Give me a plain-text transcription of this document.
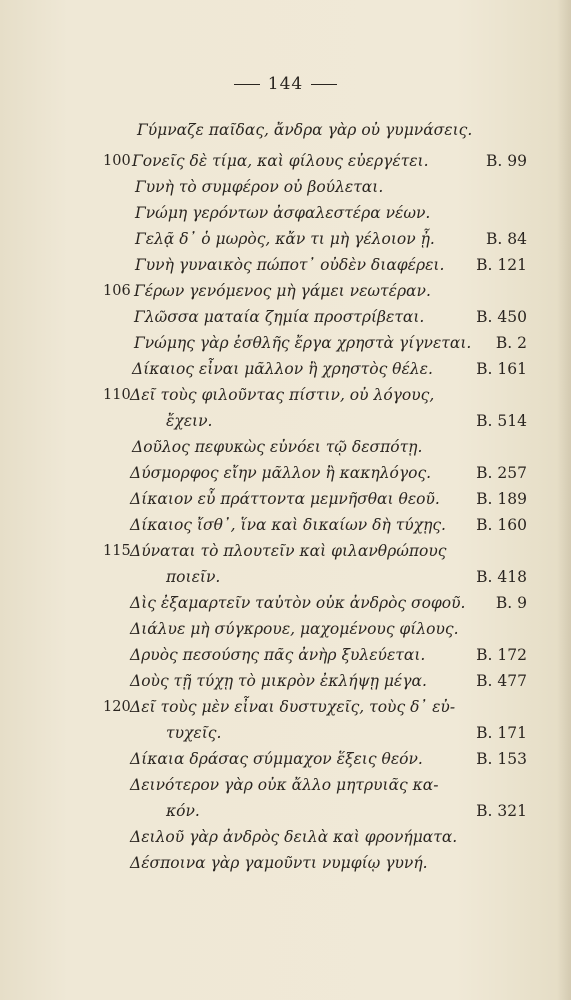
144
Γύμναζε παῖδας, ἄνδρα γὰρ οὐ γυμνάσεις.
100 Γονεῖς δὲ τίμα, καὶ φίλους εὐεργέτει.	B. 99
Γυνὴ τὸ συμφέρον οὐ βούλεται.
Γνώμη γερόντων ἀσφαλεστέρα νέων.
Γελᾷ δ᾽ ὁ μωρὸς, κἄν τι μὴ γέλοιον ᾖ.	B. 84
Γυνὴ γυναικὸς πώποτ᾽ οὐδὲν διαφέρει. B. 121
106 Γέρων γενόμενος μὴ γάμει νεωτέραν.
Γλῶσσα ματαία ζημία προστρίβεται.	B. 450
Γνώμης γὰρ ἐσθλῆς ἔργα χρηστὰ γίγνεται. B. 2
Δίκαιος εἶναι μᾶλλον ἢ χρηστὸς θέλε.	B. 161
110 Δεῖ τοὺς φιλοῦντας πίστιν, οὐ λόγους,
ἔχειν.	B. 514
Δοῦλος πεφυκὼς εὐνόει τῷ δεσπότῃ.
Δύσμορφος εἴην μᾶλλον ἢ κακηλόγος.	B. 257
Δίκαιον εὖ πράττοντα μεμνῆσθαι θεοῦ. B. 189
Δίκαιος ἴσθ᾽, ἵνα καὶ δικαίων δὴ τύχῃς. B. 160
115 Δύναται τὸ πλουτεῖν καὶ φιλανθρώπους
ποιεῖν.	B. 418
Δὶς ἐξαμαρτεῖν ταὐτὸν οὐκ ἀνδρὸς σοφοῦ. B. 9
Διάλυε μὴ σύγκρουε, μαχομένους φίλους.
Δρυὸς πεσούσης πᾶς ἀνὴρ ξυλεύεται.	B. 172
Δοὺς τῇ τύχῃ τὸ μικρὸν ἐκλήψῃ μέγα.	B. 477
120 Δεῖ τοὺς μὲν εἶναι δυστυχεῖς, τοὺς δ᾽ εὐ-
τυχεῖς.	B. 171
Δίκαια δράσας σύμμαχον ἕξεις θεόν.	B. 153
Δεινότερον γὰρ οὐκ ἄλλο μητρυιᾶς κα-
κόν.	B. 321
Δειλοῦ γὰρ ἀνδρὸς δειλὰ καὶ φρονήματα.
Δέσποινα γὰρ γαμοῦντι νυμφίῳ γυνή.
